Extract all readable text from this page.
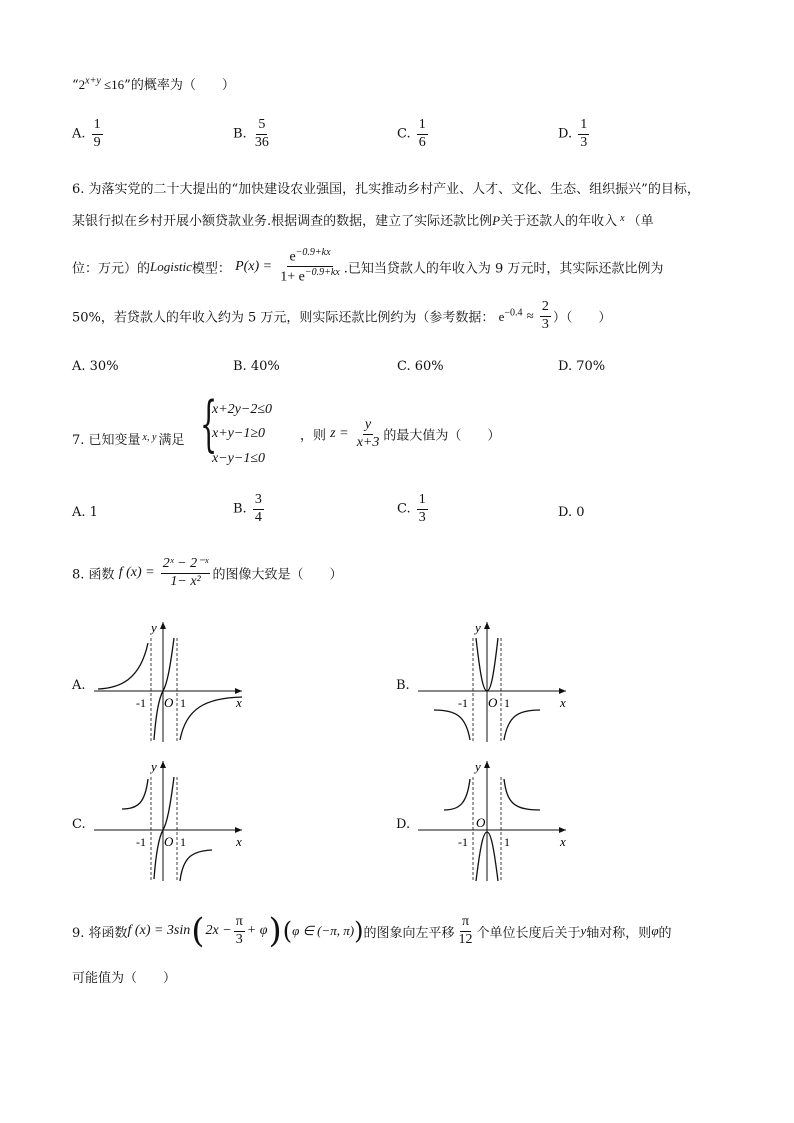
“$2^{x+y} \le 16$”的概率为（　　）
A. $\frac{1}{9}$	B. $\frac{5}{36}$	C. $\frac{1}{6}$	D. $\frac{1}{3}$
6. 为落实党的二十大提出的“加快建设农业强国，扎实推动乡村产业、人才、文化、生态、组织振兴”的目标，
某银行拟在乡村开展小额贷款业务.根据调查的数据，建立了实际还款比例P关于还款人的年收入 $^x$ （单
位：万元）的Logistic模型： $P(x) = \frac{e^{-0.9+kx}}{1+ e^{-0.9+kx}}$ .已知当贷款人的年收入为 9 万元时，其实际还款比例为
50%，若贷款人的年收入约为 5 万元，则实际还款比例约为（参考数据： $e^{-0.4} \approx \frac{2}{3}$ ）（　　）
A. 30%	B. 40%	C. 60%	D. 70%
7. 已知变量 $^{x, y}$ 满足 {
x+2y−2≤0
x+y−1≥0
x−y−1≤0
，则 $z = \frac{y}{x+3}$ 的最大值为（　　）
A. 1	B. $\frac{3}{4}$	C. $\frac{1}{3}$	D. 0
8. 函数 f $(x) = \frac{\text{2ˣ − 2⁻ˣ}}{\text{1− x²}}$ 的图像大致是（　　）
A.
y
x
O
-1	1
B.
y
x
O
-1	1
C.
y
x
O
-1	1
D.
y
x
O
-1	1
9. 将函数 f (x) = 3sin ( $2x - \frac{\pi}{3} + \varphi$ ) ( φ ∈ (−π, π) ) 的图象向左平移 $\frac{\pi}{12}$ 个单位长度后关于 y 轴对称，则 φ 的
可能值为（　　）
